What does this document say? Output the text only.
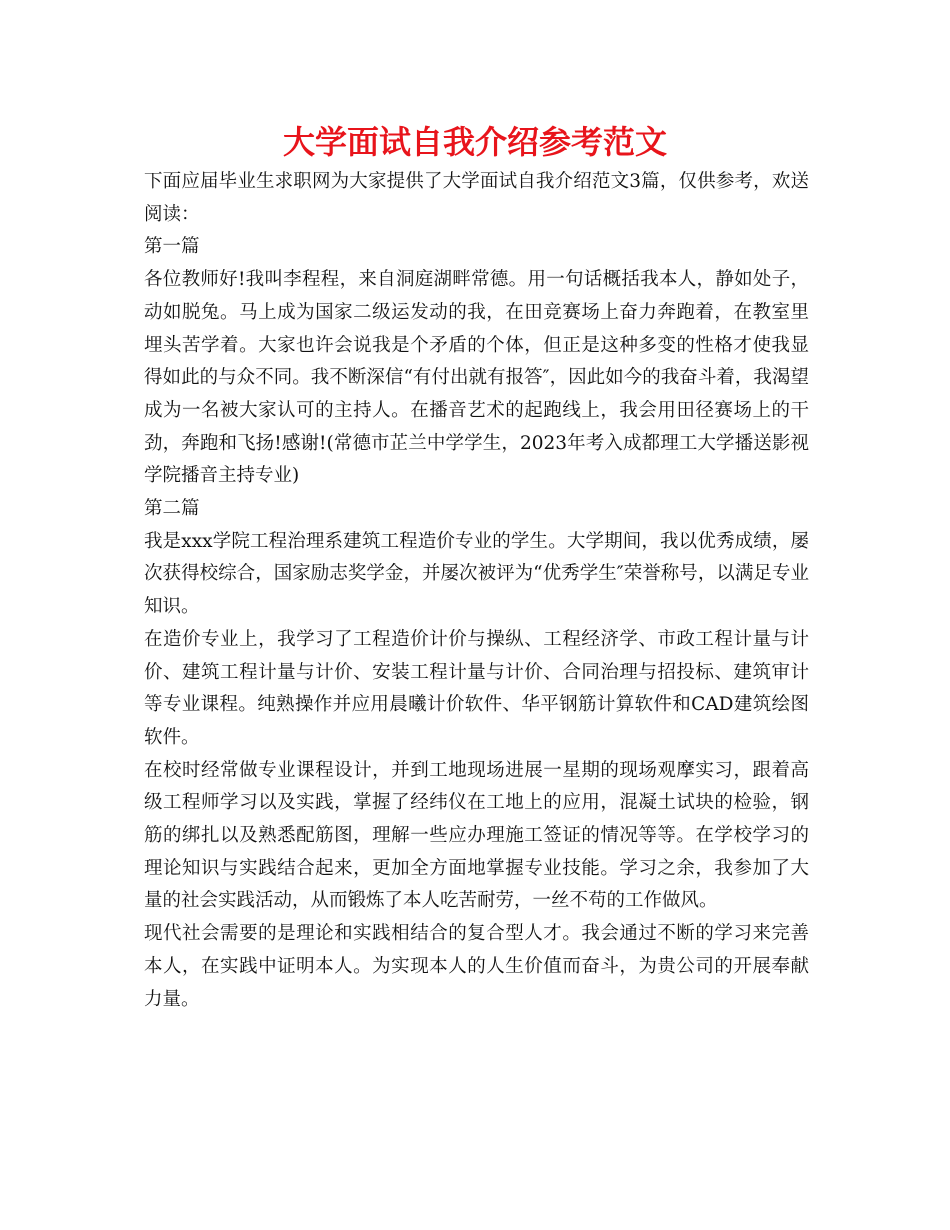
大学面试自我介绍参考范文

下面应届毕业生求职网为大家提供了大学面试自我介绍范文3篇，仅供参考，欢送阅读：

第一篇

各位教师好!我叫李程程，来自洞庭湖畔常德。用一句话概括我本人，静如处子，动如脱兔。马上成为国家二级运发动的我，在田竞赛场上奋力奔跑着，在教室里埋头苦学着。大家也许会说我是个矛盾的个体，但正是这种多变的性格才使我显得如此的与众不同。我不断深信“有付出就有报答″，因此如今的我奋斗着，我渴望成为一名被大家认可的主持人。在播音艺术的起跑线上，我会用田径赛场上的干劲，奔跑和飞扬!感谢!(常德市芷兰中学学生，2023年考入成都理工大学播送影视学院播音主持专业)

第二篇

我是xxx学院工程治理系建筑工程造价专业的学生。大学期间，我以优秀成绩，屡次获得校综合，国家励志奖学金，并屡次被评为“优秀学生″荣誉称号，以满足专业知识。

在造价专业上，我学习了工程造价计价与操纵、工程经济学、市政工程计量与计价、建筑工程计量与计价、安装工程计量与计价、合同治理与招投标、建筑审计等专业课程。纯熟操作并应用晨曦计价软件、华平钢筋计算软件和CAD建筑绘图软件。

在校时经常做专业课程设计，并到工地现场进展一星期的现场观摩实习，跟着高级工程师学习以及实践，掌握了经纬仪在工地上的应用，混凝土试块的检验，钢筋的绑扎以及熟悉配筋图，理解一些应办理施工签证的情况等等。在学校学习的理论知识与实践结合起来，更加全方面地掌握专业技能。学习之余，我参加了大量的社会实践活动，从而锻炼了本人吃苦耐劳，一丝不苟的工作做风。

现代社会需要的是理论和实践相结合的复合型人才。我会通过不断的学习来完善本人，在实践中证明本人。为实现本人的人生价值而奋斗，为贵公司的开展奉献力量。
